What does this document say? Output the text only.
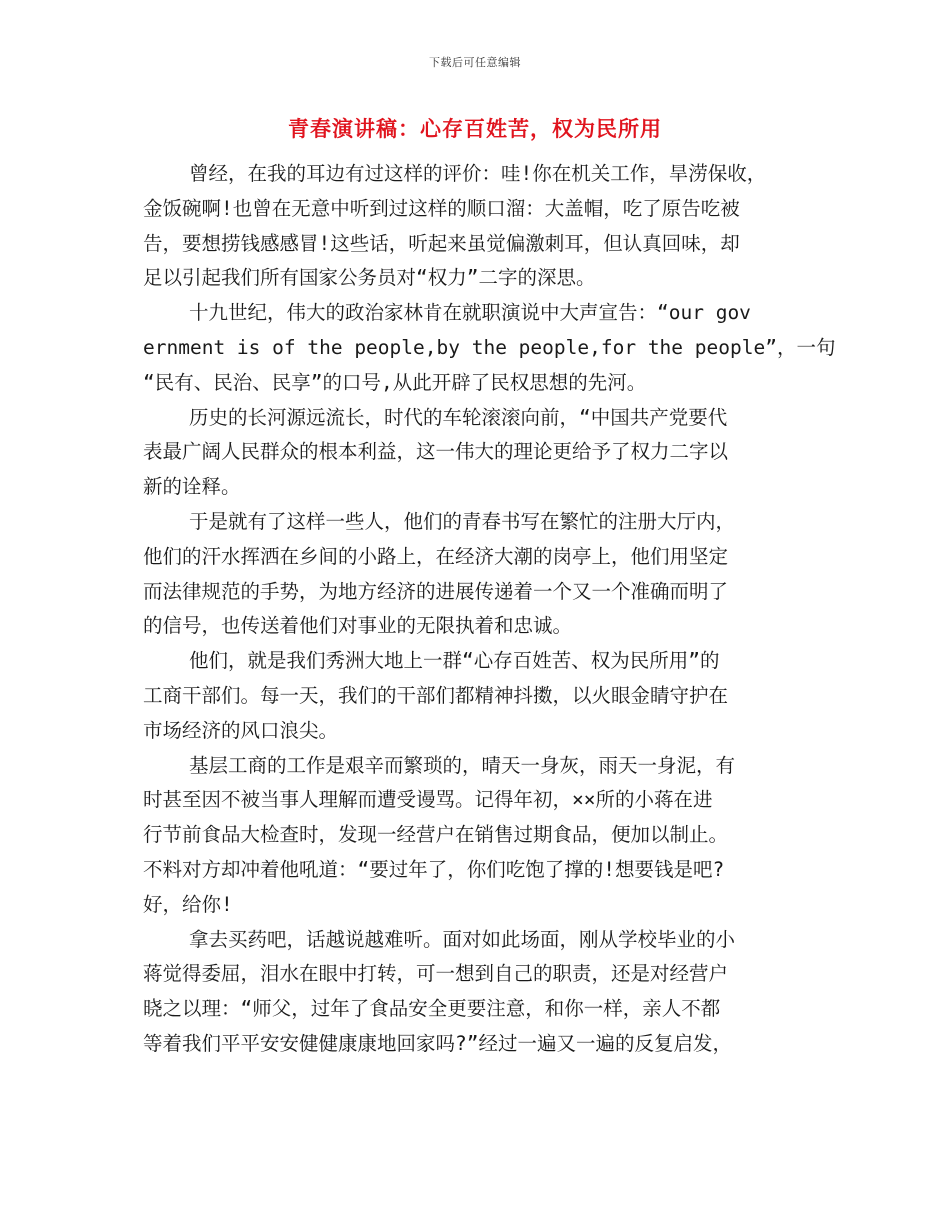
下载后可任意编辑
青春演讲稿：心存百姓苦，权为民所用
曾经，在我的耳边有过这样的评价：哇!你在机关工作，旱涝保收，
金饭碗啊!也曾在无意中听到过这样的顺口溜：大盖帽，吃了原告吃被
告，要想捞钱感感冒!这些话，听起来虽觉偏激刺耳，但认真回味，却
足以引起我们所有国家公务员对“权力”二字的深思。
十九世纪，伟大的政治家林肯在就职演说中大声宣告：“our gov
ernment is of the people,by the people,for the people”，一句
“民有、民治、民享”的口号,从此开辟了民权思想的先河。
历史的长河源远流长，时代的车轮滚滚向前，“中国共产党要代
表最广阔人民群众的根本利益，这一伟大的理论更给予了权力二字以
新的诠释。
于是就有了这样一些人，他们的青春书写在繁忙的注册大厅内，
他们的汗水挥洒在乡间的小路上，在经济大潮的岗亭上，他们用坚定
而法律规范的手势，为地方经济的进展传递着一个又一个准确而明了
的信号，也传送着他们对事业的无限执着和忠诚。
他们，就是我们秀洲大地上一群“心存百姓苦、权为民所用”的
工商干部们。每一天，我们的干部们都精神抖擞，以火眼金睛守护在
市场经济的风口浪尖。
基层工商的工作是艰辛而繁琐的，晴天一身灰，雨天一身泥，有
时甚至因不被当事人理解而遭受谩骂。记得年初，××所的小蒋在进
行节前食品大检查时，发现一经营户在销售过期食品，便加以制止。
不料对方却冲着他吼道：“要过年了，你们吃饱了撑的!想要钱是吧?
好，给你!
拿去买药吧，话越说越难听。面对如此场面，刚从学校毕业的小
蒋觉得委屈，泪水在眼中打转，可一想到自己的职责，还是对经营户
晓之以理：“师父，过年了食品安全更要注意，和你一样，亲人不都
等着我们平平安安健健康康地回家吗?”经过一遍又一遍的反复启发，
